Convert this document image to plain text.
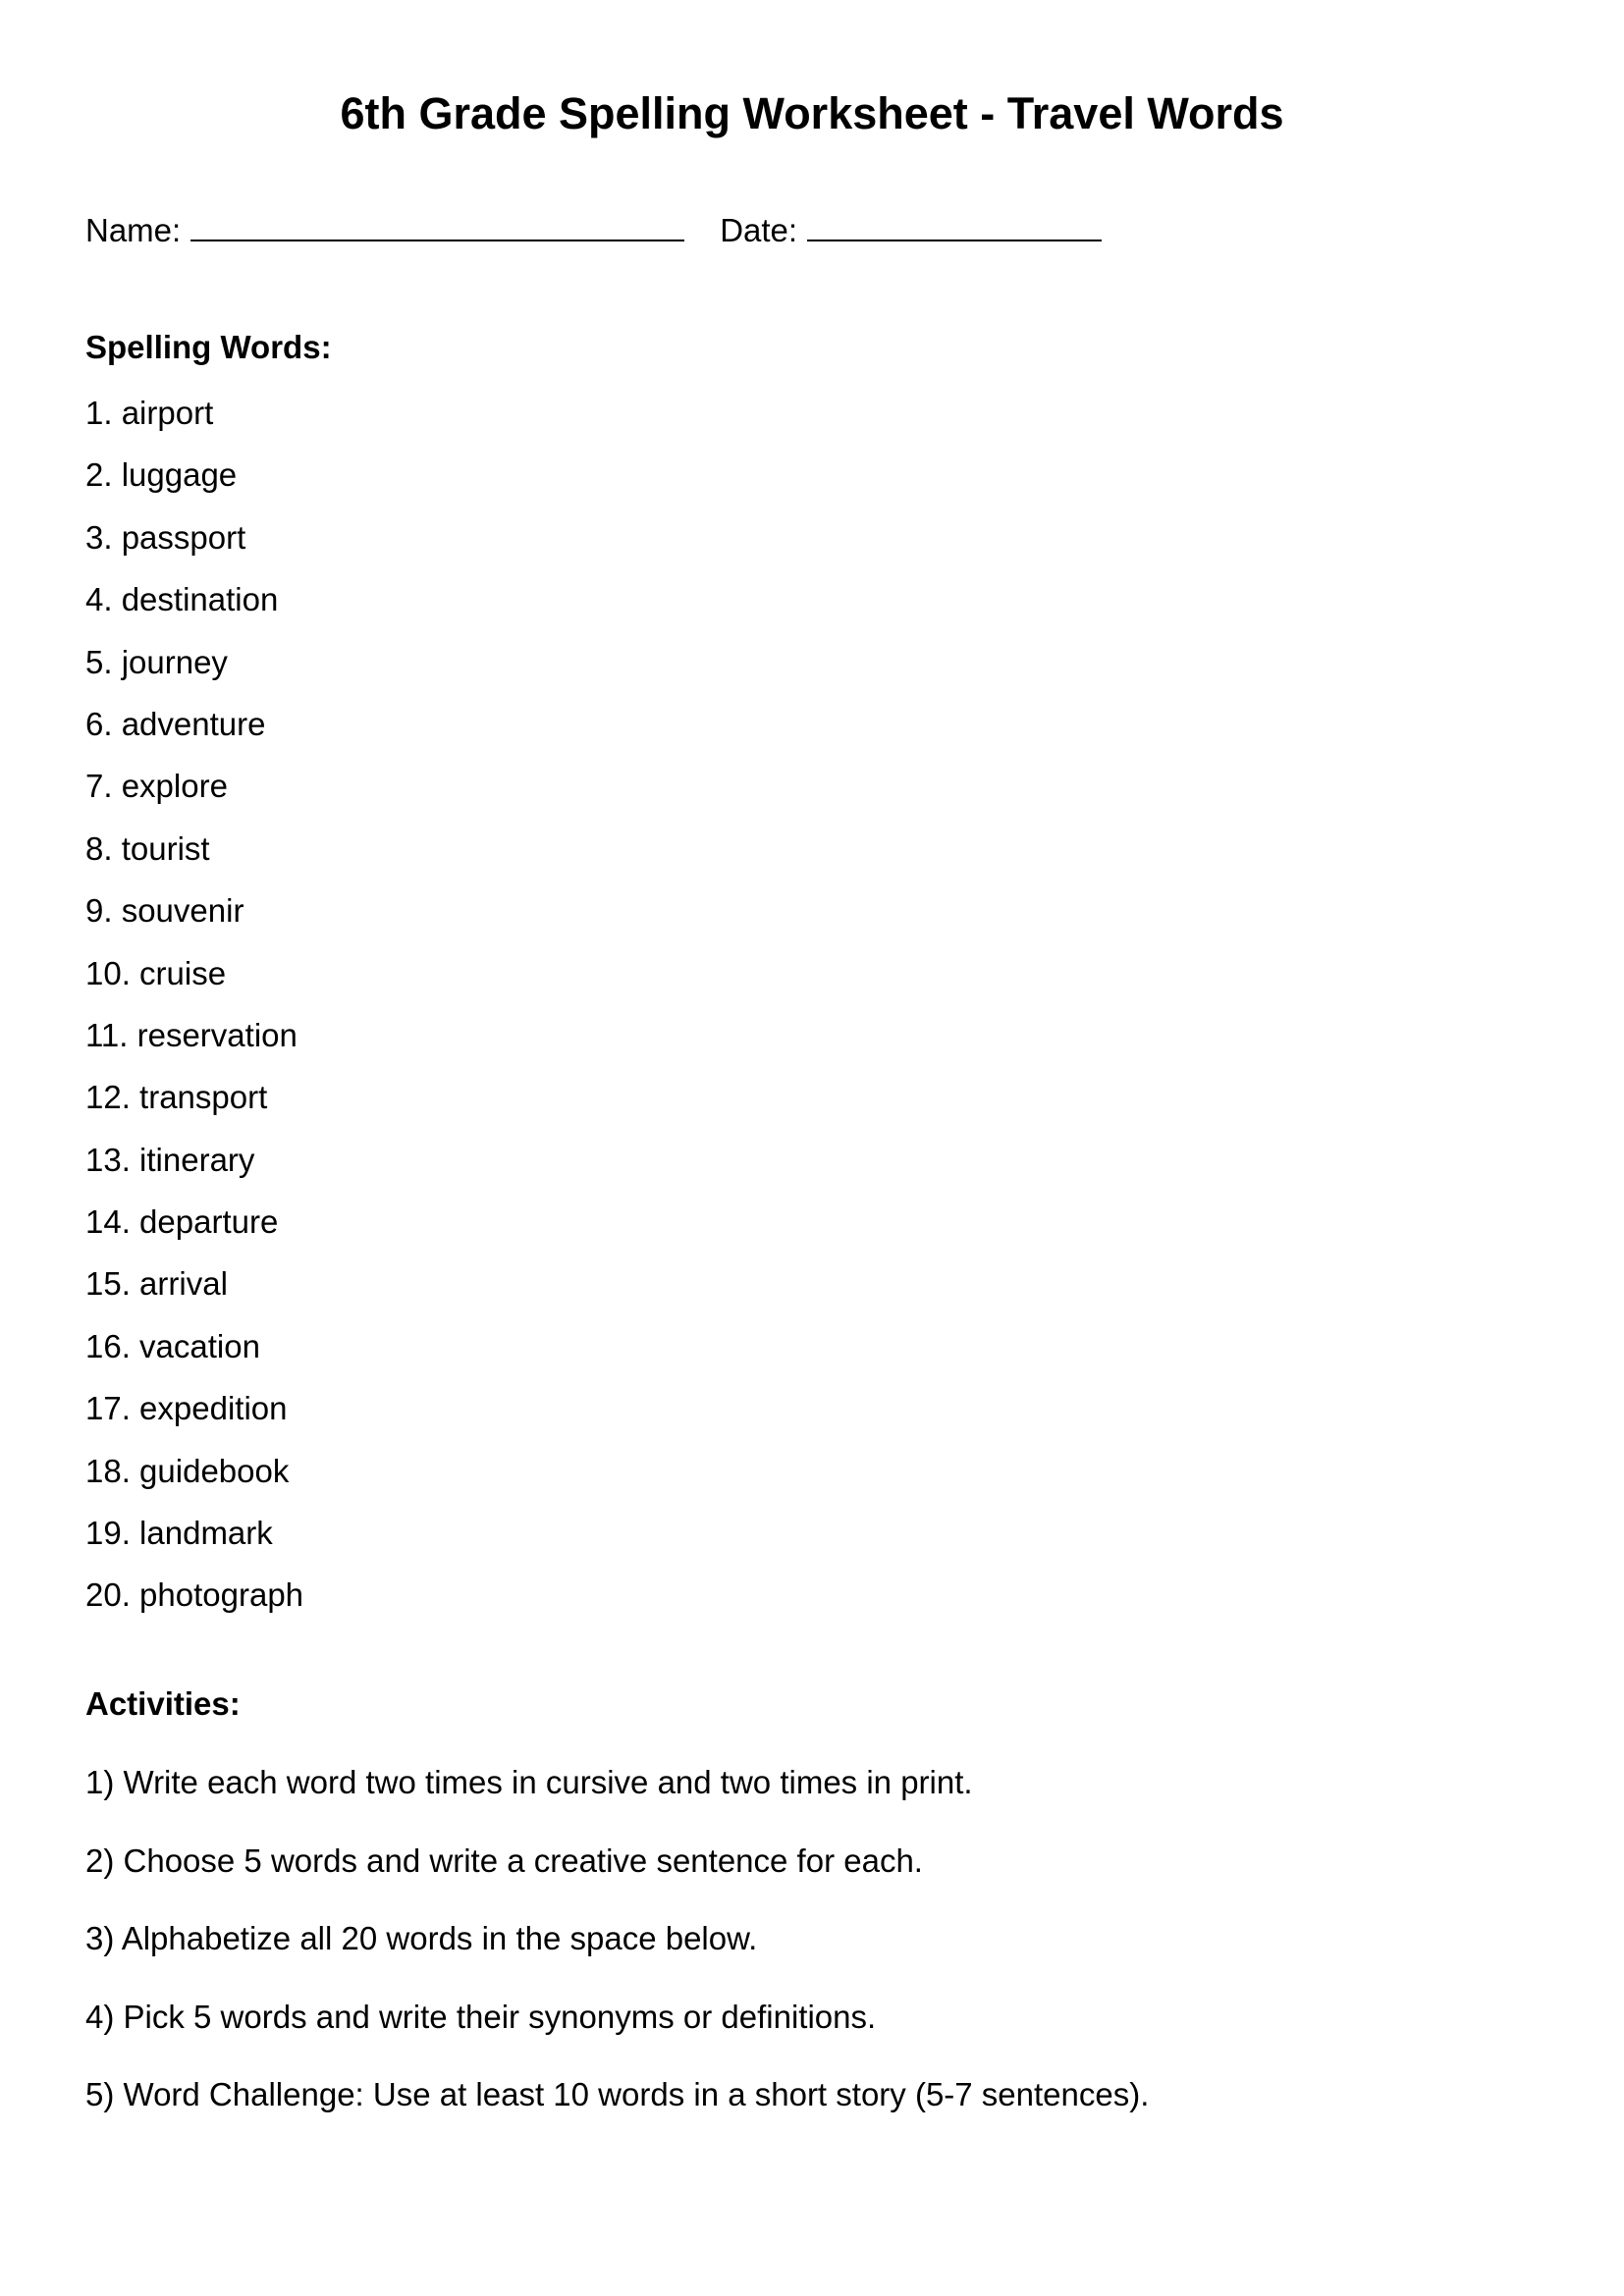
6th Grade Spelling Worksheet - Travel Words
Name:	Date:
Spelling Words:
1. airport
2. luggage
3. passport
4. destination
5. journey
6. adventure
7. explore
8. tourist
9. souvenir
10. cruise
11. reservation
12. transport
13. itinerary
14. departure
15. arrival
16. vacation
17. expedition
18. guidebook
19. landmark
20. photograph
Activities:
1) Write each word two times in cursive and two times in print.
2) Choose 5 words and write a creative sentence for each.
3) Alphabetize all 20 words in the space below.
4) Pick 5 words and write their synonyms or definitions.
5) Word Challenge: Use at least 10 words in a short story (5-7 sentences).
